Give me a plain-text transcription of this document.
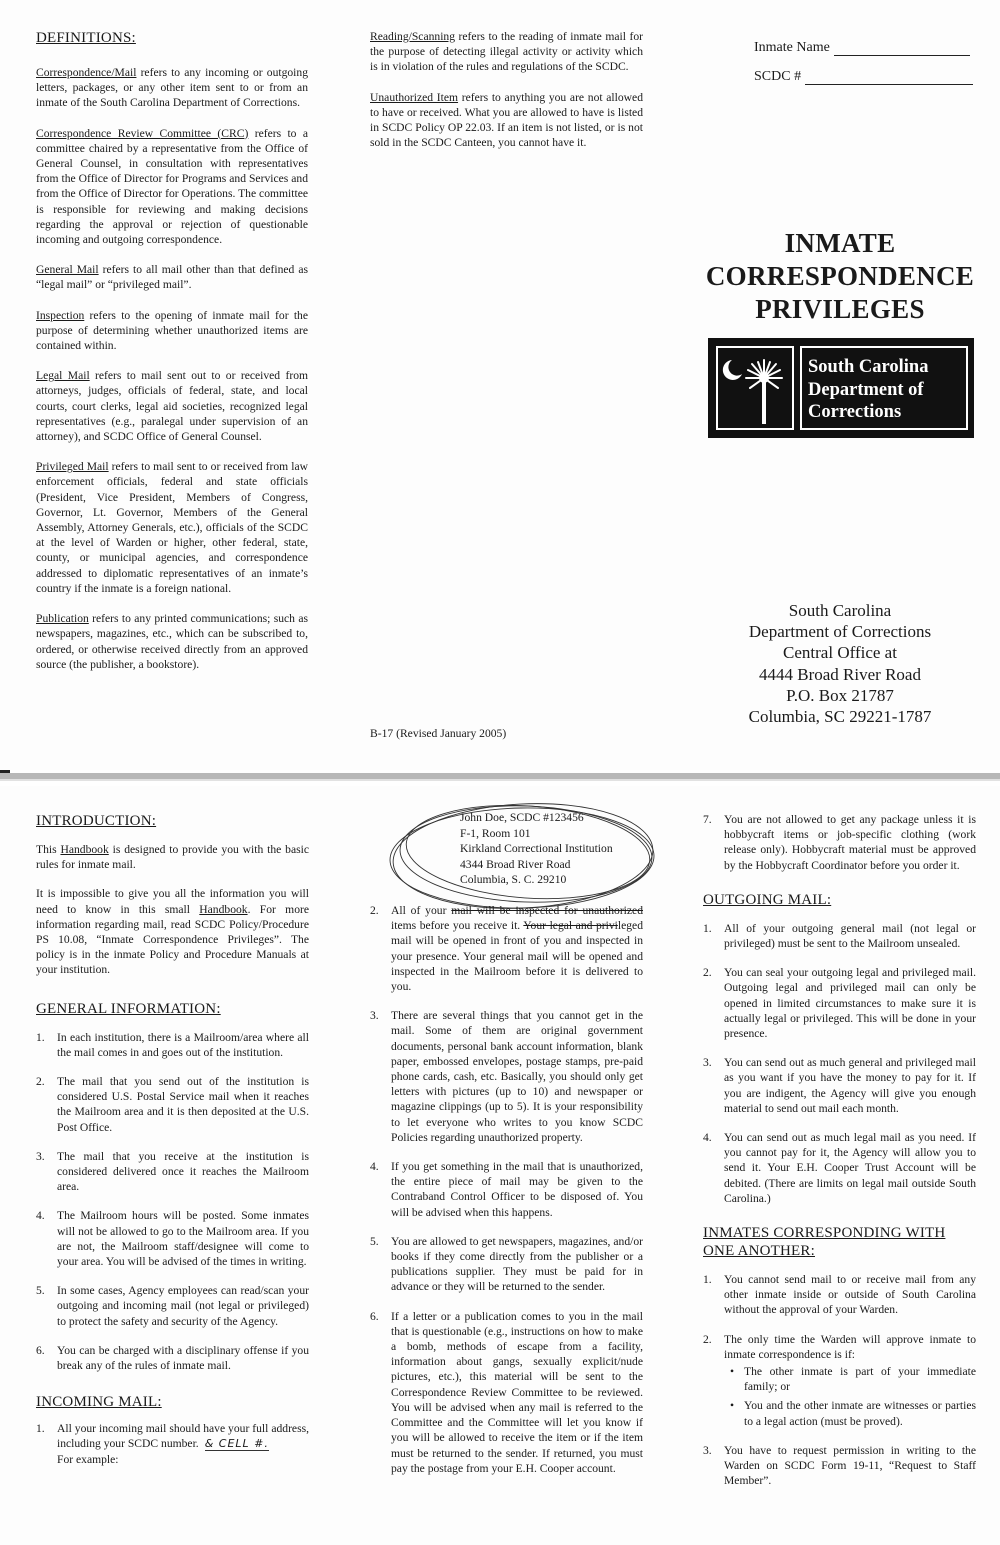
DEFINITIONS:

Correspondence/Mail refers to any incoming or outgoing letters, packages, or any other item sent to or from an inmate of the South Carolina Department of Corrections.

Correspondence Review Committee (CRC) refers to a committee chaired by a representative from the Office of General Counsel, in consultation with representatives from the Office of Director for Programs and Services and from the Office of Director for Operations. The committee is responsible for reviewing and making decisions regarding the approval or rejection of questionable incoming and outgoing correspondence.

General Mail refers to all mail other than that defined as “legal mail” or “privileged mail”.

Inspection refers to the opening of inmate mail for the purpose of determining whether unauthorized items are contained within.

Legal Mail refers to mail sent out to or received from attorneys, judges, officials of federal, state, and local courts, court clerks, legal aid societies, recognized legal representatives (e.g., paralegal under supervision of an attorney), and SCDC Office of General Counsel.

Privileged Mail refers to mail sent to or received from law enforcement officials, federal and state officials (President, Vice President, Members of Congress, Governor, Lt. Governor, Members of the General Assembly, Attorney Generals, etc.), officials of the SCDC at the level of Warden or higher, other federal, state, county, or municipal agencies, and correspondence addressed to diplomatic representatives of an inmate’s country if the inmate is a foreign national.

Publication refers to any printed communications; such as newspapers, magazines, etc., which can be subscribed to, ordered, or otherwise received directly from an approved source (the publisher, a bookstore).

Reading/Scanning refers to the reading of inmate mail for the purpose of detecting illegal activity or activity which is in violation of the rules and regulations of the SCDC.

Unauthorized Item refers to anything you are not allowed to have or received. What you are allowed to have is listed in SCDC Policy OP 22.03. If an item is not listed, or is not sold in the SCDC Canteen, you cannot have it.

B-17 (Revised January 2005)
Inmate Name
SCDC #
INMATE
CORRESPONDENCE
PRIVILEGES
South Carolina
Department of
Corrections
South Carolina
Department of Corrections
Central Office at
4444 Broad River Road
P.O. Box 21787
Columbia, SC 29221-1787
INTRODUCTION:

This Handbook is designed to provide you with the basic rules for inmate mail.

It is impossible to give you all the information you will need to know in this small Handbook. For more information regarding mail, read SCDC Policy/Procedure PS 10.08, “Inmate Correspondence Privileges”. The policy is in the inmate Policy and Procedure Manuals at your institution.

GENERAL INFORMATION:
1. In each institution, there is a Mailroom/area where all the mail comes in and goes out of the institution.
2. The mail that you send out of the institution is considered U.S. Postal Service mail when it reaches the Mailroom area and it is then deposited at the U.S. Post Office.
3. The mail that you receive at the institution is considered delivered once it reaches the Mailroom area.
4. The Mailroom hours will be posted. Some inmates will not be allowed to go to the Mailroom area. If you are not, the Mailroom staff/designee will come to your area. You will be advised of the times in writing.
5. In some cases, Agency employees can read/scan your outgoing and incoming mail (not legal or privileged) to protect the safety and security of the Agency.
6. You can be charged with a disciplinary offense if you break any of the rules of inmate mail.
INCOMING MAIL:
1. All your incoming mail should have your full address, including your SCDC number. & CELL #.
For example:
John Doe, SCDC #123456
F-1, Room 101
Kirkland Correctional Institution
4344 Broad River Road
Columbia, S. C. 29210
2. All of your mail will be inspected for unauthorized items before you receive it. Your legal and privileged mail will be opened in front of you and inspected in your presence. Your general mail will be opened and inspected in the Mailroom before it is delivered to you.
3. There are several things that you cannot get in the mail. Some of them are original government documents, personal bank account information, blank paper, embossed envelopes, postage stamps, pre-paid phone cards, cash, etc. Basically, you should only get letters with pictures (up to 10) and newspaper or magazine clippings (up to 5). It is your responsibility to let everyone who writes to you know SCDC Policies regarding unauthorized property.
4. If you get something in the mail that is unauthorized, the entire piece of mail may be given to the Contraband Control Officer to be disposed of. You will be advised when this happens.
5. You are allowed to get newspapers, magazines, and/or books if they come directly from the publisher or a publications supplier. They must be paid for in advance or they will be returned to the sender.
6. If a letter or a publication comes to you in the mail that is questionable (e.g., instructions on how to make a bomb, methods of escape from a facility, information about gangs, sexually explicit/nude pictures, etc.), this material will be sent to the Correspondence Review Committee to be reviewed. You will be advised when any mail is referred to the Committee and the Committee will let you know if you will be allowed to receive the item or if the item must be returned to the sender. If returned, you must pay the postage from your E.H. Cooper account.
7. You are not allowed to get any package unless it is hobbycraft items or job-specific clothing (work release only). Hobbycraft material must be approved by the Hobbycraft Coordinator before you order it.
OUTGOING MAIL:
1. All of your outgoing general mail (not legal or privileged) must be sent to the Mailroom unsealed.
2. You can seal your outgoing legal and privileged mail. Outgoing legal and privileged mail can only be opened in limited circumstances to make sure it is actually legal or privileged. This will be done in your presence.
3. You can send out as much general and privileged mail as you want if you have the money to pay for it. If you are indigent, the Agency will give you enough material to send out mail each month.
4. You can send out as much legal mail as you need. If you cannot pay for it, the Agency will allow you to send it. Your E.H. Cooper Trust Account will be debited. (There are limits on legal mail outside South Carolina.)
INMATES CORRESPONDING WITH ONE ANOTHER:
1. You cannot send mail to or receive mail from any other inmate inside or outside of South Carolina without the approval of your Warden.
2. The only time the Warden will approve inmate to inmate correspondence is if:
• The other inmate is part of your immediate family; or
• You and the other inmate are witnesses or parties to a legal action (must be proved).
3. You have to request permission in writing to the Warden on SCDC Form 19-11, “Request to Staff Member”.
